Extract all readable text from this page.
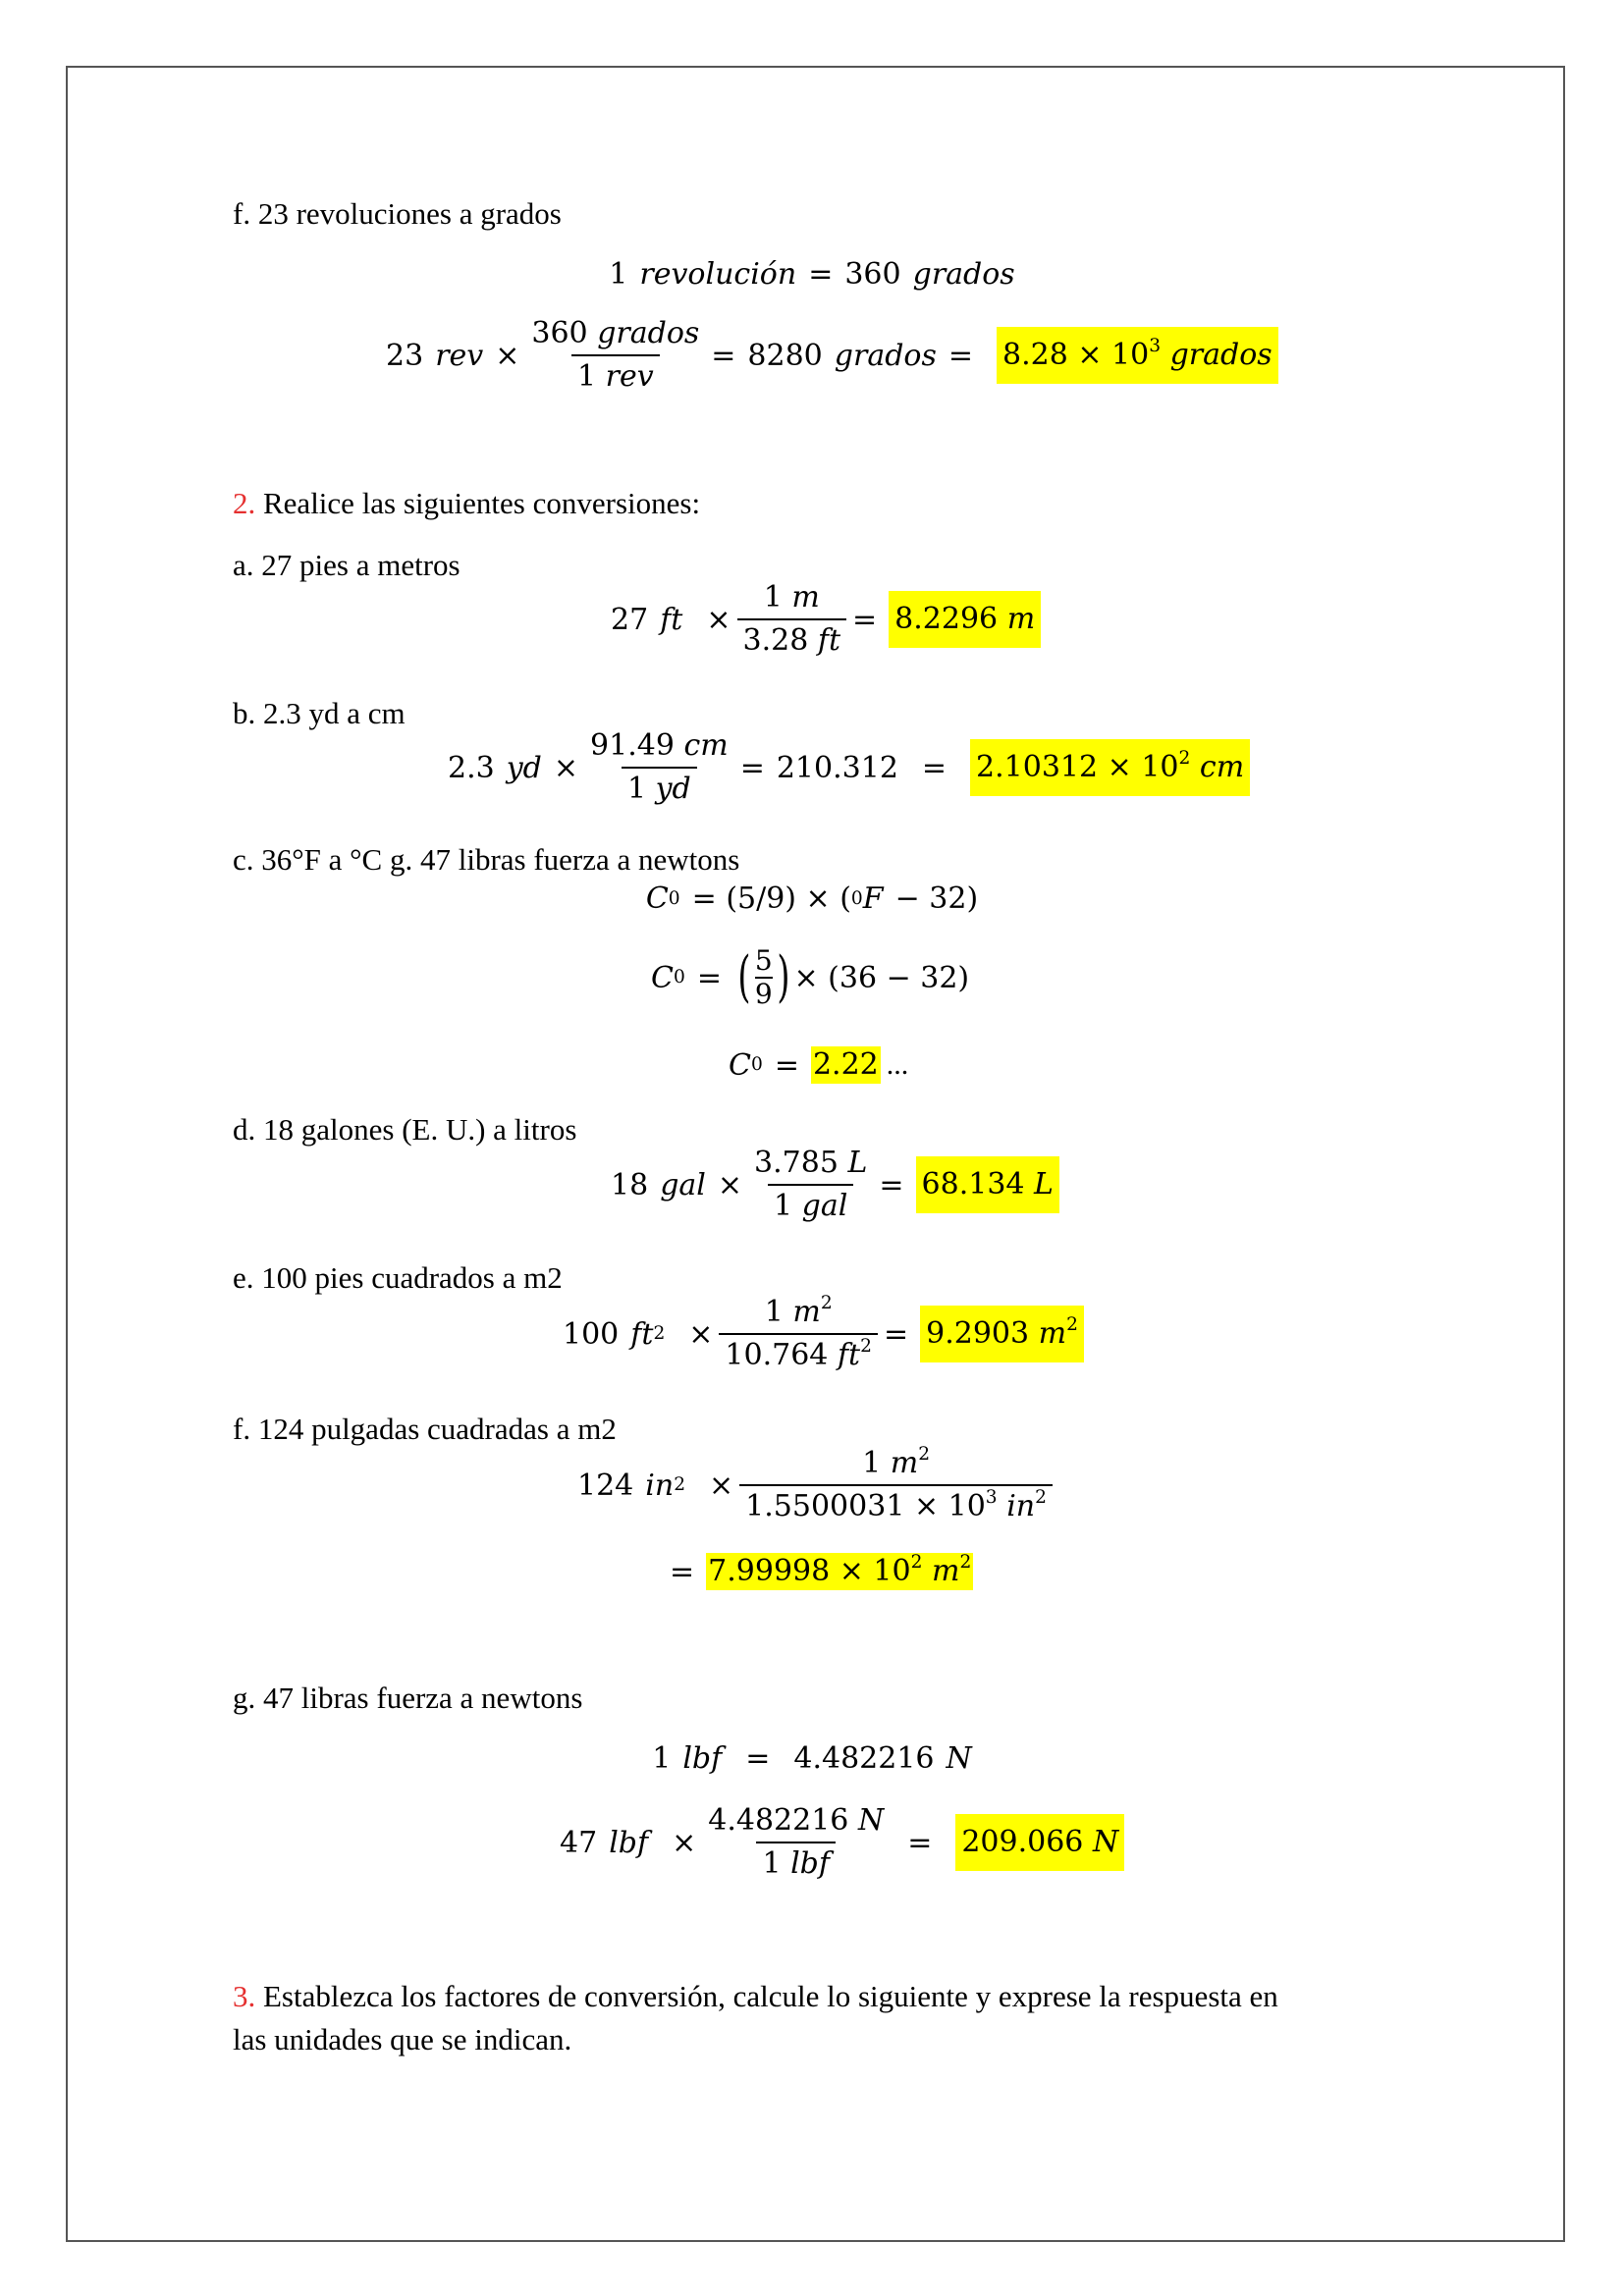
f. 23 revoluciones a grados
1 revolución = 360 grados
23 rev × $\frac{\text{360 grados}}{\text{1 rev}} = 8280$ grados = $8.28 \times 10^3$ grados
2. Realice las siguientes conversiones:
a. 27 pies a metros
27 ft × $\frac{1 m}{3.28 ft} = 8.2296$ m
b. 2.3 yd a cm
2.3 yd × $\frac{91.49 cm}{1 yd} = 210.312 = 2.10312 \times 10^2$ cm
c. 36°F a °C g. 47 libras fuerza a newtons
C 0 = (5/9) × ( 0 F − 32)
C 0 = ( 5
9 ) × (36 − 32)
C 0 = 2.22 ...
d. 18 galones (E. U.) a litros
18 gal × $\frac{3.785 L}{\text{1 gal}} = 68.134$ L
e. 100 pies cuadrados a m2
100 ft $2 \times \frac{1 m^2}{10.764 ft^2} = 9.2903$ $m^2$
f. 124 pulgadas cuadradas a m2
124 in $2 \times \frac{1 m^2}{1.5500031 \times 10^3 in^2}$
= $7.99998 \times 10^2$ $m^2$
g. 47 libras fuerza a newtons
1 lbf = 4.482216 N
47 lbf × $\frac{4.482216 N}{\text{1 lbf}} = 209.066$ N
3. Establezca los factores de conversión, calcule lo siguiente y exprese la respuesta en
las unidades que se indican.
